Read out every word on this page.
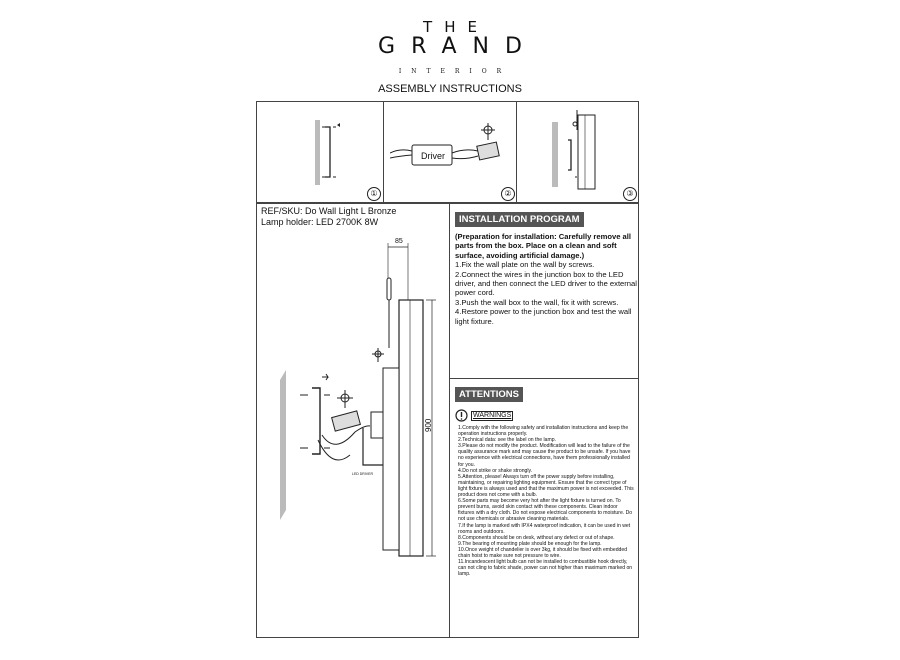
THE
GRAND
INTERIOR
ASSEMBLY INSTRUCTIONS
①
Driver
②	③
REF/SKU: Do Wall Light L Bronze
Lamp holder: LED 2700K 8W
85
900
LED DRIVER
INSTALLATION PROGRAM
(Preparation for installation: Carefully remove all parts from the box. Place on a clean and soft surface, avoiding artificial damage.)
1.Fix the wall plate on the wall by screws.
2.Connect the wires in the junction box to the LED driver, and then connect the LED driver to the external power cord.
3.Push the wall box to the wall, fix it with screws.
4.Restore power to the junction box and test the wall light fixture.
ATTENTIONS
WARNINGS
1.Comply with the following safety and installation instructions and keep the operation instructions properly.
2.Technical data: see the label on the lamp.
3.Please do not modify the product. Modification will lead to the failure of the quality assurance mark and may cause the product to be unsafe. If you have no experience with electrical connections, have them professionally installed for you.
4.Do not strike or shake strongly.
5.Attention, please! Always turn off the power supply before installing, maintaining, or repairing lighting equipment. Ensure that the correct type of light fixture is always used and that the maximum power is not exceeded. This product does not come with a bulb.
6.Some parts may become very hot after the light fixture is turned on. To prevent burns, avoid skin contact with these components. Clean indoor fixtures with a dry cloth. Do not expose electrical components to moisture. Do not use chemicals or abrasive cleaning materials.
7.If the lamp is marked with IPX4 waterproof indication, it can be used in wet rooms and outdoors.
8.Components should be on desk, without any defect or out of shape.
9.The bearing of mounting plate should be enough for the lamp.
10.Once weight of chandelier is over 3kg, it should be fixed with embedded chain hoist to make sure not pressure to wire.
11.Incandescent light bulb can not be installed to combustible hook directly, can not cling to fabric shade, power can not higher than maximum marked on lamp.
